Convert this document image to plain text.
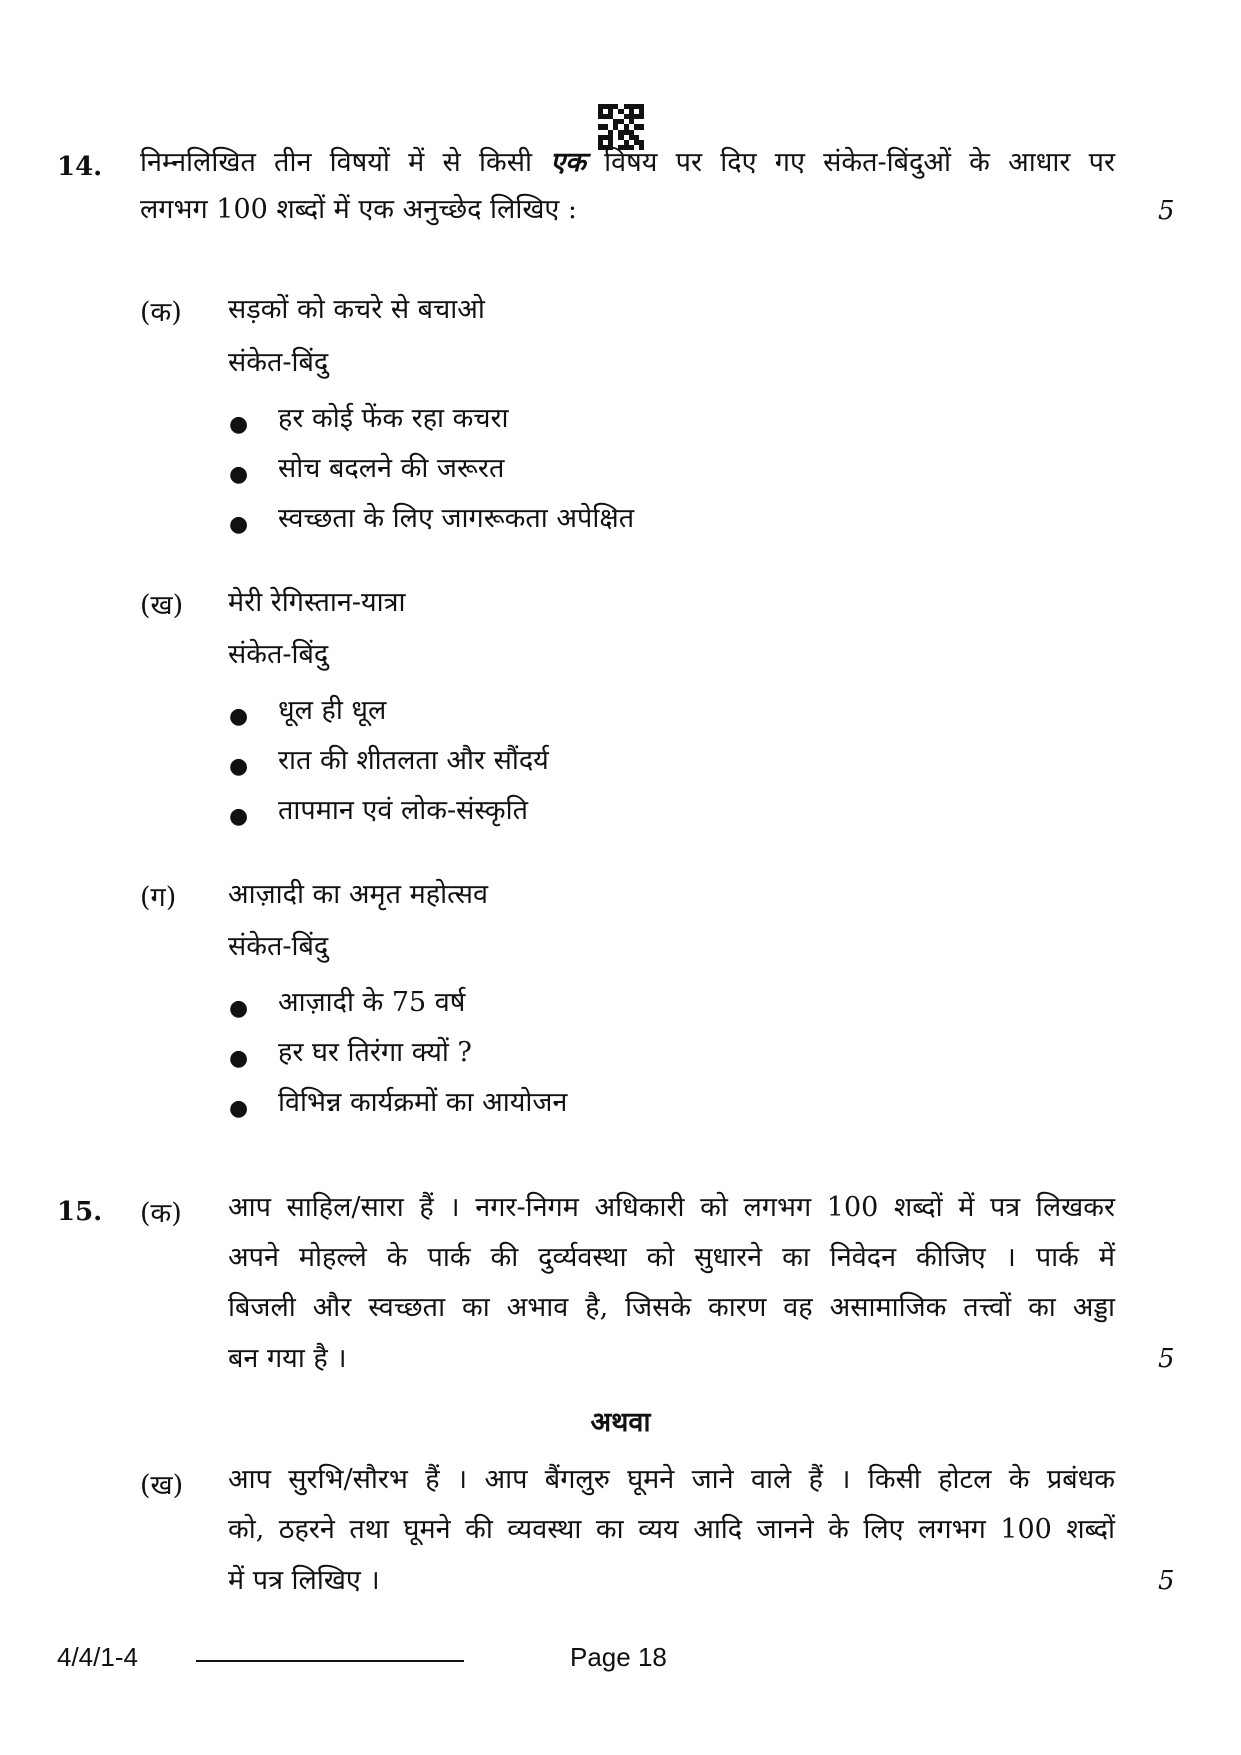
14. निम्नलिखित तीन विषयों में से किसी एक विषय पर दिए गए संकेत-बिंदुओं के आधार पर
लगभग 100 शब्दों में एक अनुच्छेद लिखिए :	5
(क) सड़कों को कचरे से बचाओ
संकेत-बिंदु
● हर कोई फेंक रहा कचरा
● सोच बदलने की जरूरत
● स्वच्छता के लिए जागरूकता अपेक्षित
(ख) मेरी रेगिस्तान-यात्रा
संकेत-बिंदु
● धूल ही धूल
● रात की शीतलता और सौंदर्य
● तापमान एवं लोक-संस्कृति
(ग) आज़ादी का अमृत महोत्सव
संकेत-बिंदु
● आज़ादी के 75 वर्ष
● हर घर तिरंगा क्यों ?
● विभिन्न कार्यक्रमों का आयोजन
15. (क) आप साहिल/सारा हैं । नगर-निगम अधिकारी को लगभग 100 शब्दों में पत्र लिखकर
अपने मोहल्ले के पार्क की दुर्व्यवस्था को सुधारने का निवेदन कीजिए । पार्क में
बिजली और स्वच्छता का अभाव है, जिसके कारण वह असामाजिक तत्त्वों का अड्डा
बन गया है ।	5
अथवा
(ख) आप सुरभि/सौरभ हैं । आप बैंगलुरु घूमने जाने वाले हैं । किसी होटल के प्रबंधक
को, ठहरने तथा घूमने की व्यवस्था का व्यय आदि जानने के लिए लगभग 100 शब्दों
में पत्र लिखिए ।	5
4/4/1-4	Page 18
